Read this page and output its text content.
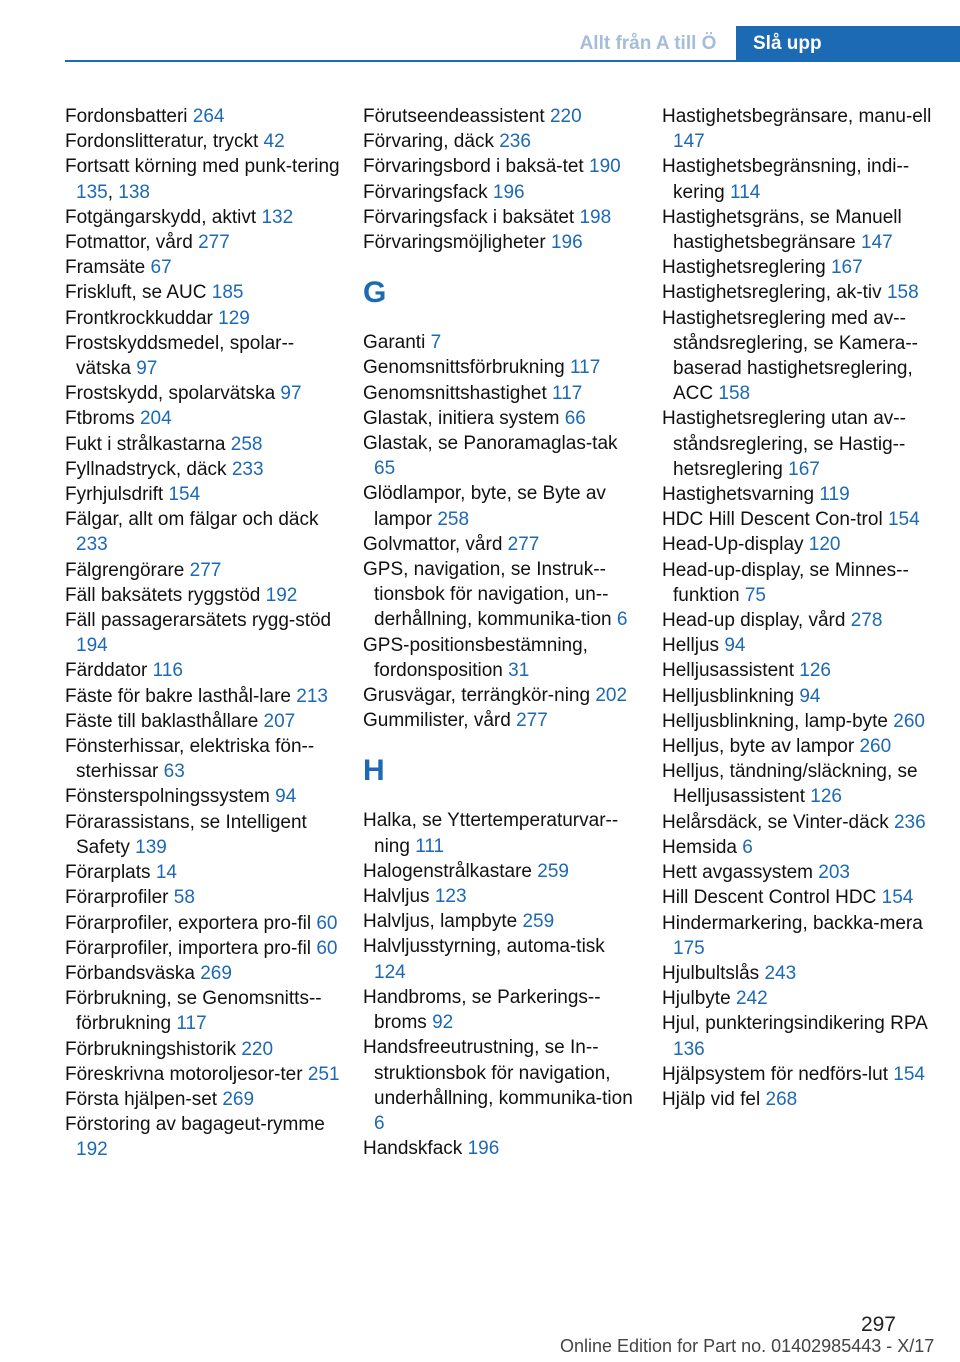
Allt från A till Ö	Slå upp
Fordonsbatteri 264
Fordonslitteratur, tryckt 42
Fortsatt körning med punk-tering 135, 138
Fotgängarskydd, aktivt 132
Fotmattor, vård 277
Framsäte 67
Friskluft, se AUC 185
Frontkrockkuddar 129
Frostskyddsmedel, spolar-vätska 97
Frostskydd, spolarvätska 97
Ftbroms 204
Fukt i strålkastarna 258
Fyllnadstryck, däck 233
Fyrhjulsdrift 154
Fälgar, allt om fälgar och däck 233
Fälgrengörare 277
Fäll baksätets ryggstöd 192
Fäll passagerarsätets rygg-stöd 194
Färddator 116
Fäste för bakre lasthål-lare 213
Fäste till baklasthållare 207
Fönsterhissar, elektriska fön-sterhissar 63
Fönsterspolningssystem 94
Förarassistans, se Intelligent Safety 139
Förarplats 14
Förarprofiler 58
Förarprofiler, exportera pro-fil 60
Förarprofiler, importera pro-fil 60
Förbandsväska 269
Förbrukning, se Genomsnitts-förbrukning 117
Förbrukningshistorik 220
Föreskrivna motoroljesor-ter 251
Första hjälpen-set 269
Förstoring av bagageut-rymme 192
Förutseendeassistent 220
Förvaring, däck 236
Förvaringsbord i baksä-tet 190
Förvaringsfack 196
Förvaringsfack i baksätet 198
Förvaringsmöjligheter 196
G
Garanti 7
Genomsnittsförbrukning 117
Genomsnittshastighet 117
Glastak, initiera system 66
Glastak, se Panoramaglas-tak 65
Glödlampor, byte, se Byte av lampor 258
Golvmattor, vård 277
GPS, navigation, se Instruk-tionsbok för navigation, un-derhållning, kommunika-tion 6
GPS-positionsbestämning, fordonsposition 31
Grusvägar, terrängkör-ning 202
Gummilister, vård 277
H
Halka, se Yttertemperaturvar-ning 111
Halogenstrålkastare 259
Halvljus 123
Halvljus, lampbyte 259
Halvljusstyrning, automa-tisk 124
Handbroms, se Parkerings-broms 92
Handsfreeutrustning, se In-struktionsbok för navigation, underhållning, kommunika-tion 6
Handskfack 196
Hastighetsbegränsare, manu-ell 147
Hastighetsbegränsning, indi-kering 114
Hastighetsgräns, se Manuell hastighetsbegränsare 147
Hastighetsreglering 167
Hastighetsreglering, ak-tiv 158
Hastighetsreglering med av-ståndsreglering, se Kamera-baserad hastighetsreglering, ACC 158
Hastighetsreglering utan av-ståndsreglering, se Hastig-hetsreglering 167
Hastighetsvarning 119
HDC Hill Descent Con-trol 154
Head-Up-display 120
Head-up-display, se Minnes-funktion 75
Head-up display, vård 278
Helljus 94
Helljusassistent 126
Helljusblinkning 94
Helljusblinkning, lamp-byte 260
Helljus, byte av lampor 260
Helljus, tändning/släckning, se Helljusassistent 126
Helårsdäck, se Vinter-däck 236
Hemsida 6
Hett avgassystem 203
Hill Descent Control HDC 154
Hindermarkering, backka-mera 175
Hjulbultslås 243
Hjulbyte 242
Hjul, punkteringsindikering RPA 136
Hjälpsystem för nedförs-lut 154
Hjälp vid fel 268
297
Online Edition for Part no. 01402985443 - X/17
